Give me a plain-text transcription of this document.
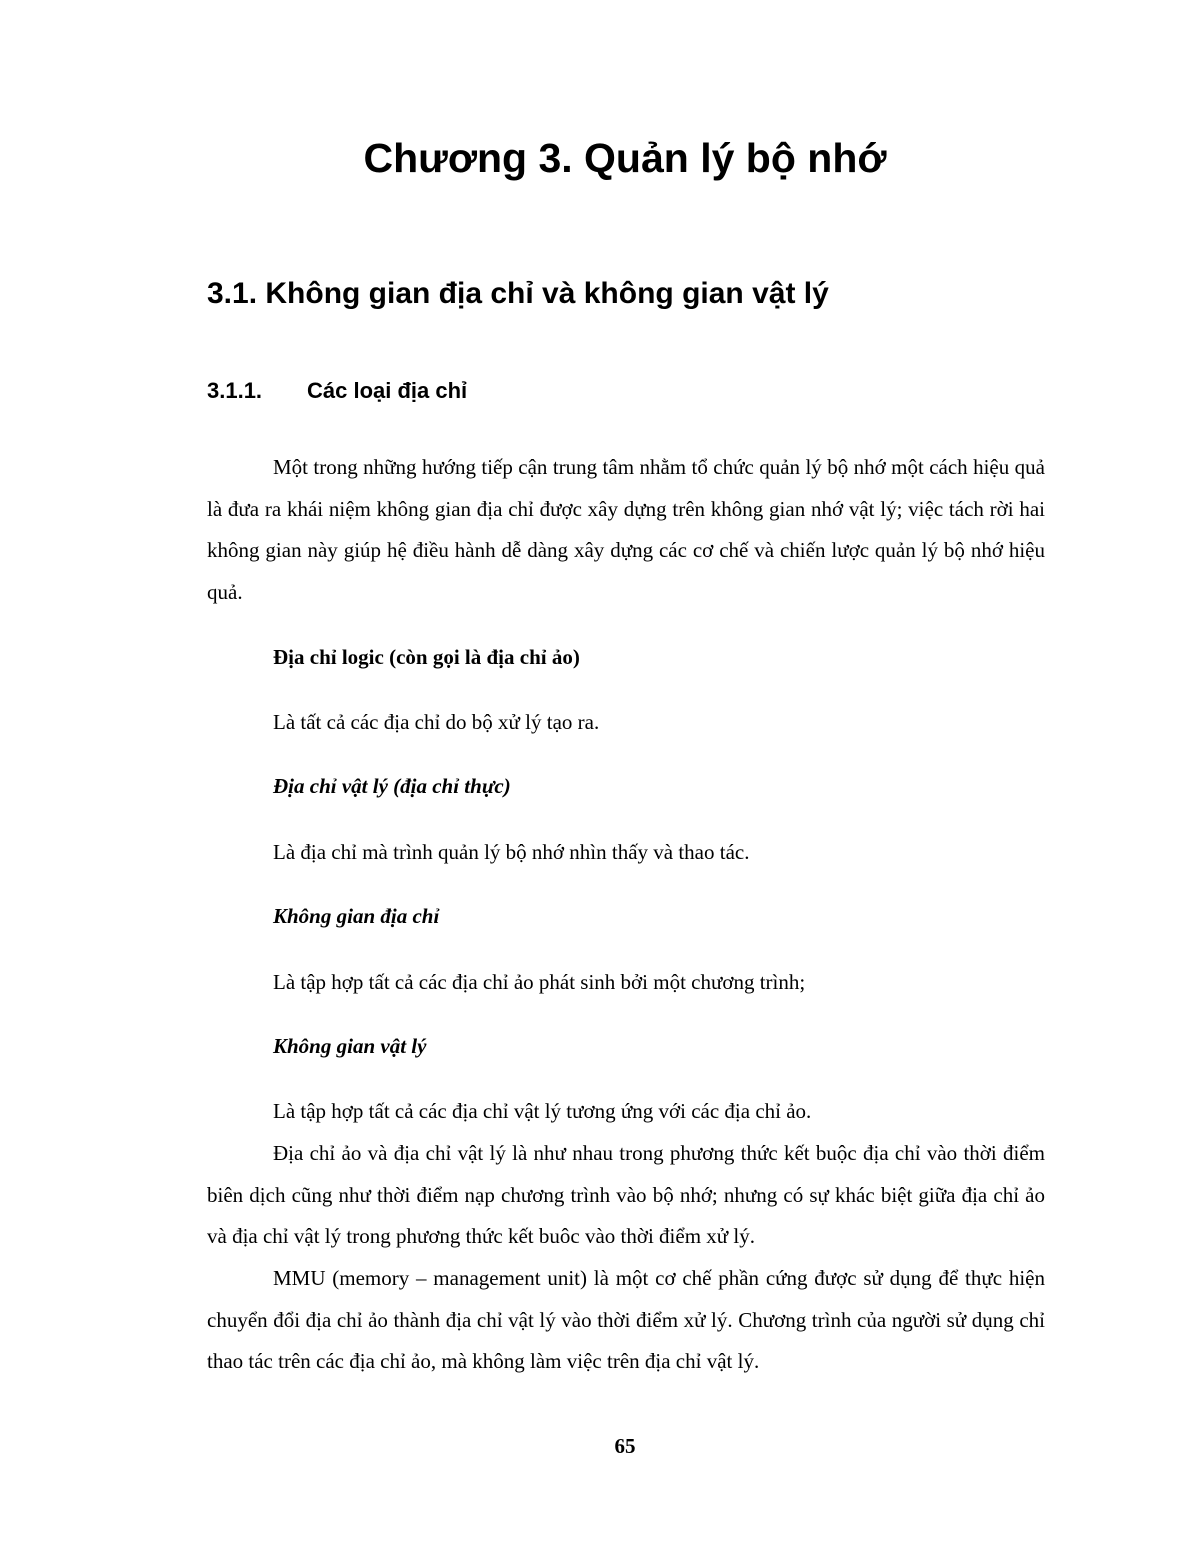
Chương 3. Quản lý bộ nhớ
3.1. Không gian địa chỉ và không gian vật lý
3.1.1. Các loại địa chỉ

Một trong những hướng tiếp cận trung tâm nhằm tổ chức quản lý bộ nhớ một cách hiệu quả là đưa ra khái niệm không gian địa chỉ được xây dựng trên không gian nhớ vật lý; việc tách rời hai không gian này giúp hệ điều hành dễ dàng xây dựng các cơ chế và chiến lược quản lý bộ nhớ hiệu quả.

Địa chỉ logic (còn gọi là địa chỉ ảo)

Là tất cả các địa chỉ do bộ xử lý tạo ra.

Địa chỉ vật lý (địa chỉ thực)

Là địa chỉ mà trình quản lý bộ nhớ nhìn thấy và thao tác.

Không gian địa chỉ

Là tập hợp tất cả các địa chỉ ảo phát sinh bởi một chương trình;

Không gian vật lý

Là tập hợp tất cả các địa chỉ vật lý tương ứng với các địa chỉ ảo.

Địa chỉ ảo và địa chỉ vật lý là như nhau trong phương thức kết buộc địa chỉ vào thời điểm biên dịch cũng như thời điểm nạp chương trình vào bộ nhớ; nhưng có sự khác biệt giữa địa chỉ ảo và địa chỉ vật lý trong phương thức kết buôc vào thời điểm xử lý.

MMU (memory – management unit) là một cơ chế phần cứng được sử dụng để thực hiện chuyển đổi địa chỉ ảo thành địa chỉ vật lý vào thời điểm xử lý. Chương trình của người sử dụng chỉ thao tác trên các địa chỉ ảo, mà không làm việc trên địa chỉ vật lý.

65
